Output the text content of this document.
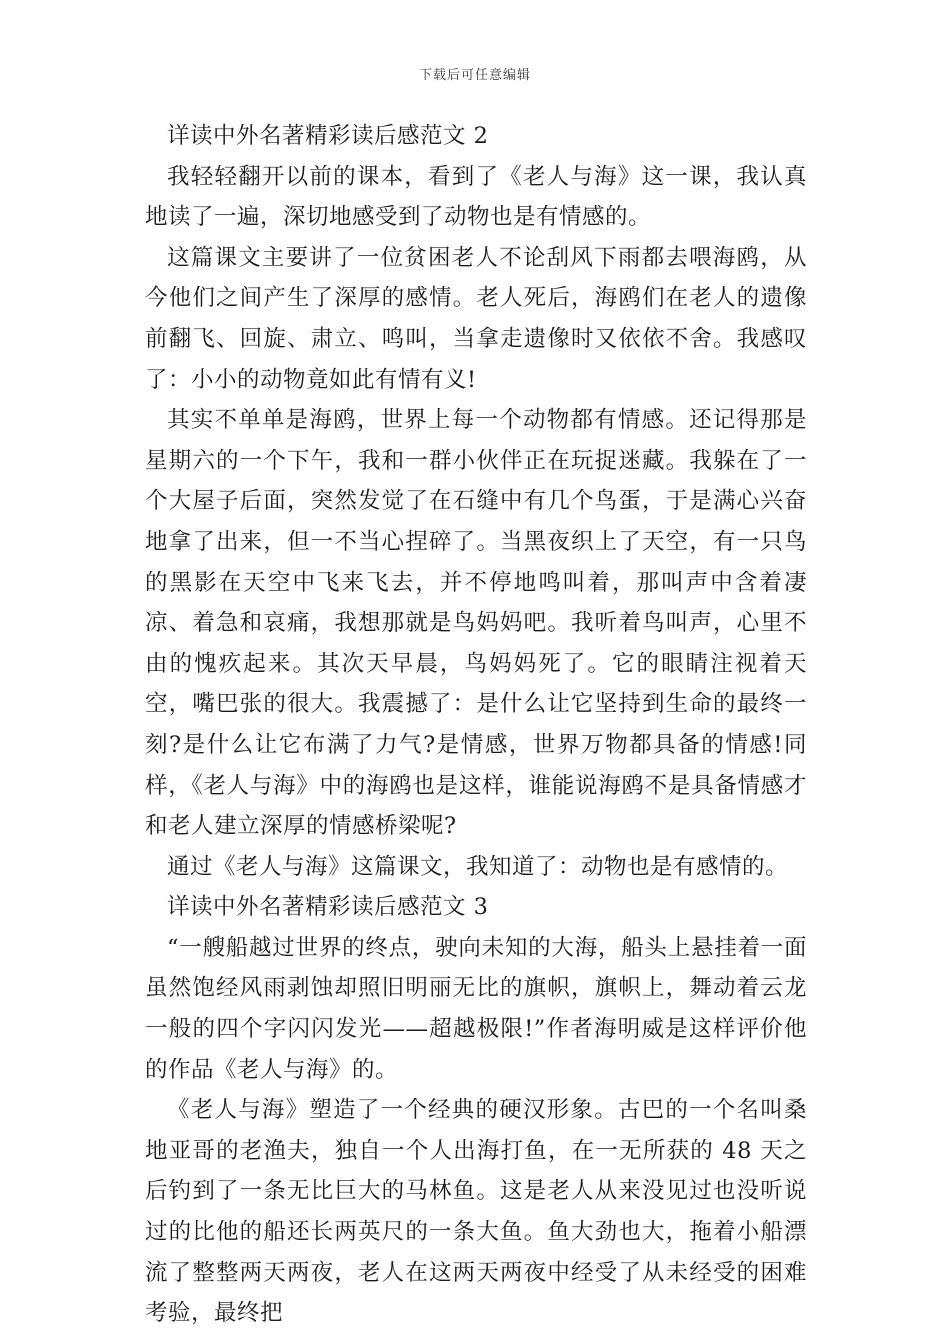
下载后可任意编辑

详读中外名著精彩读后感范文 2

我轻轻翻开以前的课本，看到了《老人与海》这一课，我认真地读了一遍，深切地感受到了动物也是有情感的。

这篇课文主要讲了一位贫困老人不论刮风下雨都去喂海鸥，从今他们之间产生了深厚的感情。老人死后，海鸥们在老人的遗像前翻飞、回旋、肃立、鸣叫，当拿走遗像时又依依不舍。我感叹了：小小的动物竟如此有情有义!

其实不单单是海鸥，世界上每一个动物都有情感。还记得那是星期六的一个下午，我和一群小伙伴正在玩捉迷藏。我躲在了一个大屋子后面，突然发觉了在石缝中有几个鸟蛋，于是满心兴奋地拿了出来，但一不当心捏碎了。当黑夜织上了天空，有一只鸟的黑影在天空中飞来飞去，并不停地鸣叫着，那叫声中含着凄凉、着急和哀痛，我想那就是鸟妈妈吧。我听着鸟叫声，心里不由的愧疚起来。其次天早晨，鸟妈妈死了。它的眼睛注视着天空，嘴巴张的很大。我震撼了：是什么让它坚持到生命的最终一刻?是什么让它布满了力气?是情感，世界万物都具备的情感!同样，《老人与海》中的海鸥也是这样，谁能说海鸥不是具备情感才和老人建立深厚的情感桥梁呢?

通过《老人与海》这篇课文，我知道了：动物也是有感情的。

详读中外名著精彩读后感范文 3

“一艘船越过世界的终点，驶向未知的大海，船头上悬挂着一面虽然饱经风雨剥蚀却照旧明丽无比的旗帜，旗帜上，舞动着云龙一般的四个字闪闪发光——超越极限!”作者海明威是这样评价他的作品《老人与海》的。

《老人与海》塑造了一个经典的硬汉形象。古巴的一个名叫桑地亚哥的老渔夫，独自一个人出海打鱼，在一无所获的 48 天之后钓到了一条无比巨大的马林鱼。这是老人从来没见过也没听说过的比他的船还长两英尺的一条大鱼。鱼大劲也大，拖着小船漂流了整整两天两夜，老人在这两天两夜中经受了从未经受的困难考验，最终把
